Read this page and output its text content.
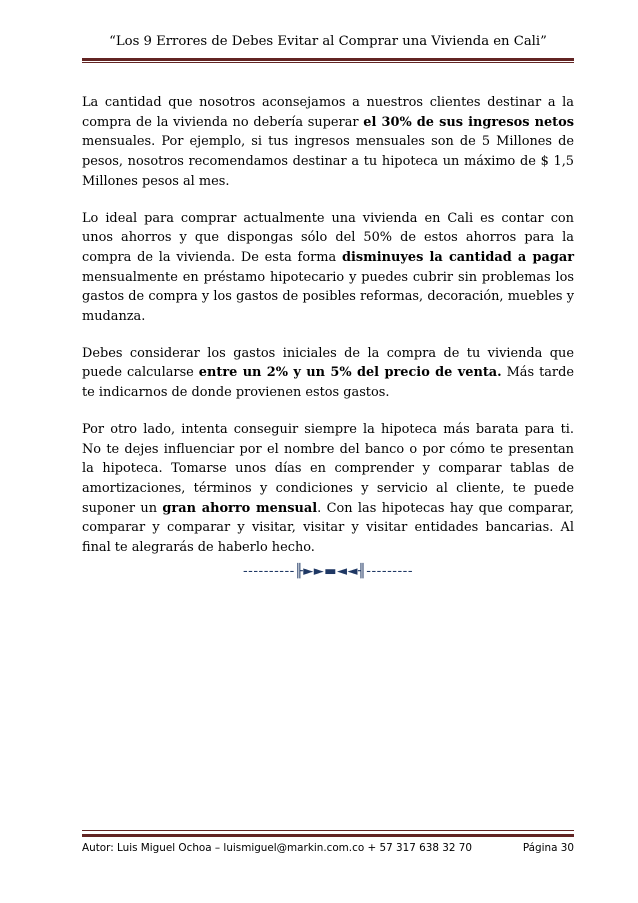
“Los 9 Errores de Debes Evitar al Comprar una Vivienda en Cali”

La cantidad que nosotros aconsejamos a nuestros clientes destinar a la compra de la vivienda no debería superar el 30% de sus ingresos netos mensuales. Por ejemplo, si tus ingresos mensuales son de 5 Millones de pesos, nosotros recomendamos destinar a tu hipoteca un máximo de $ 1,5 Millones pesos al mes.

Lo ideal para comprar actualmente una vivienda en Cali es contar con unos ahorros y que dispongas sólo del 50% de estos ahorros para la compra de la vivienda. De esta forma disminuyes la cantidad a pagar mensualmente en préstamo hipotecario y puedes cubrir sin problemas los gastos de compra y los gastos de posibles reformas, decoración, muebles y mudanza.

Debes considerar los gastos iniciales de la compra de tu vivienda que puede calcularse entre un 2% y un 5% del precio de venta. Más tarde te indicarnos de donde provienen estos gastos.

Por otro lado, intenta conseguir siempre la hipoteca más barata para ti. No te dejes influenciar por el nombre del banco o por cómo te presentan la hipoteca. Tomarse unos días en comprender y comparar tablas de amortizaciones, términos y condiciones y servicio al cliente, te puede suponer un gran ahorro mensual. Con las hipotecas hay que comparar, comparar y comparar y visitar, visitar y visitar entidades bancarias. Al final te alegrarás de haberlo hecho.

----------╟►►▬◄◄╢---------
Autor: Luis Miguel Ochoa – luismiguel@markin.com.co + 57 317 638 32 70	Página 30
